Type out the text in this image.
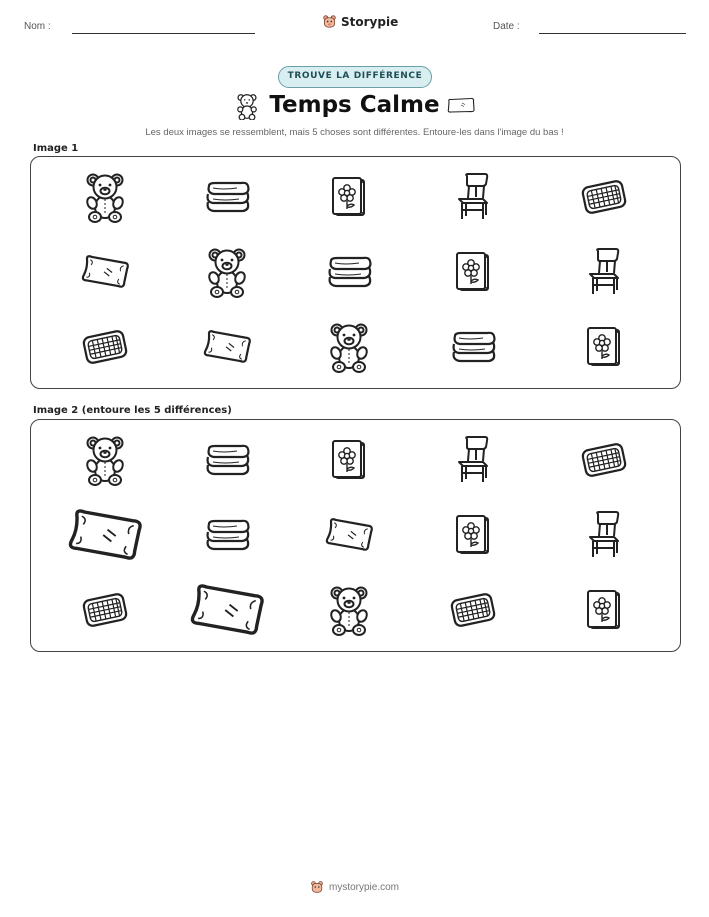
Nom :	Storypie	Date :
TROUVE LA DIFFÉRENCE
Temps Calme
Les deux images se ressemblent, mais 5 choses sont différentes. Entoure-les dans l'image du bas !
Image 1
Image 2 (entoure les 5 différences)
mystorypie.com
